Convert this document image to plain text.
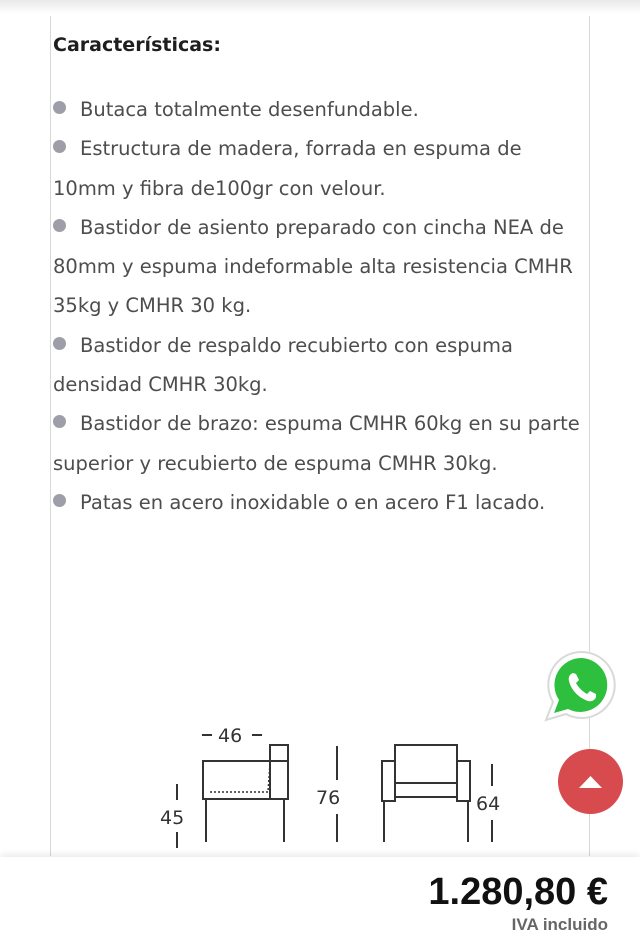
Características:
Butaca totalmente desenfundable.
Estructura de madera, forrada en espuma de 10mm y fibra de100gr con velour.
Bastidor de asiento preparado con cincha NEA de 80mm y espuma indeformable alta resistencia CMHR 35kg y CMHR 30 kg.
Bastidor de respaldo recubierto con espuma densidad CMHR 30kg.
Bastidor de brazo: espuma CMHR 60kg en su parte superior y recubierto de espuma CMHR 30kg.
Patas en acero inoxidable o en acero F1 lacado.
46
45
76	64
1.280,80 €
IVA incluido
